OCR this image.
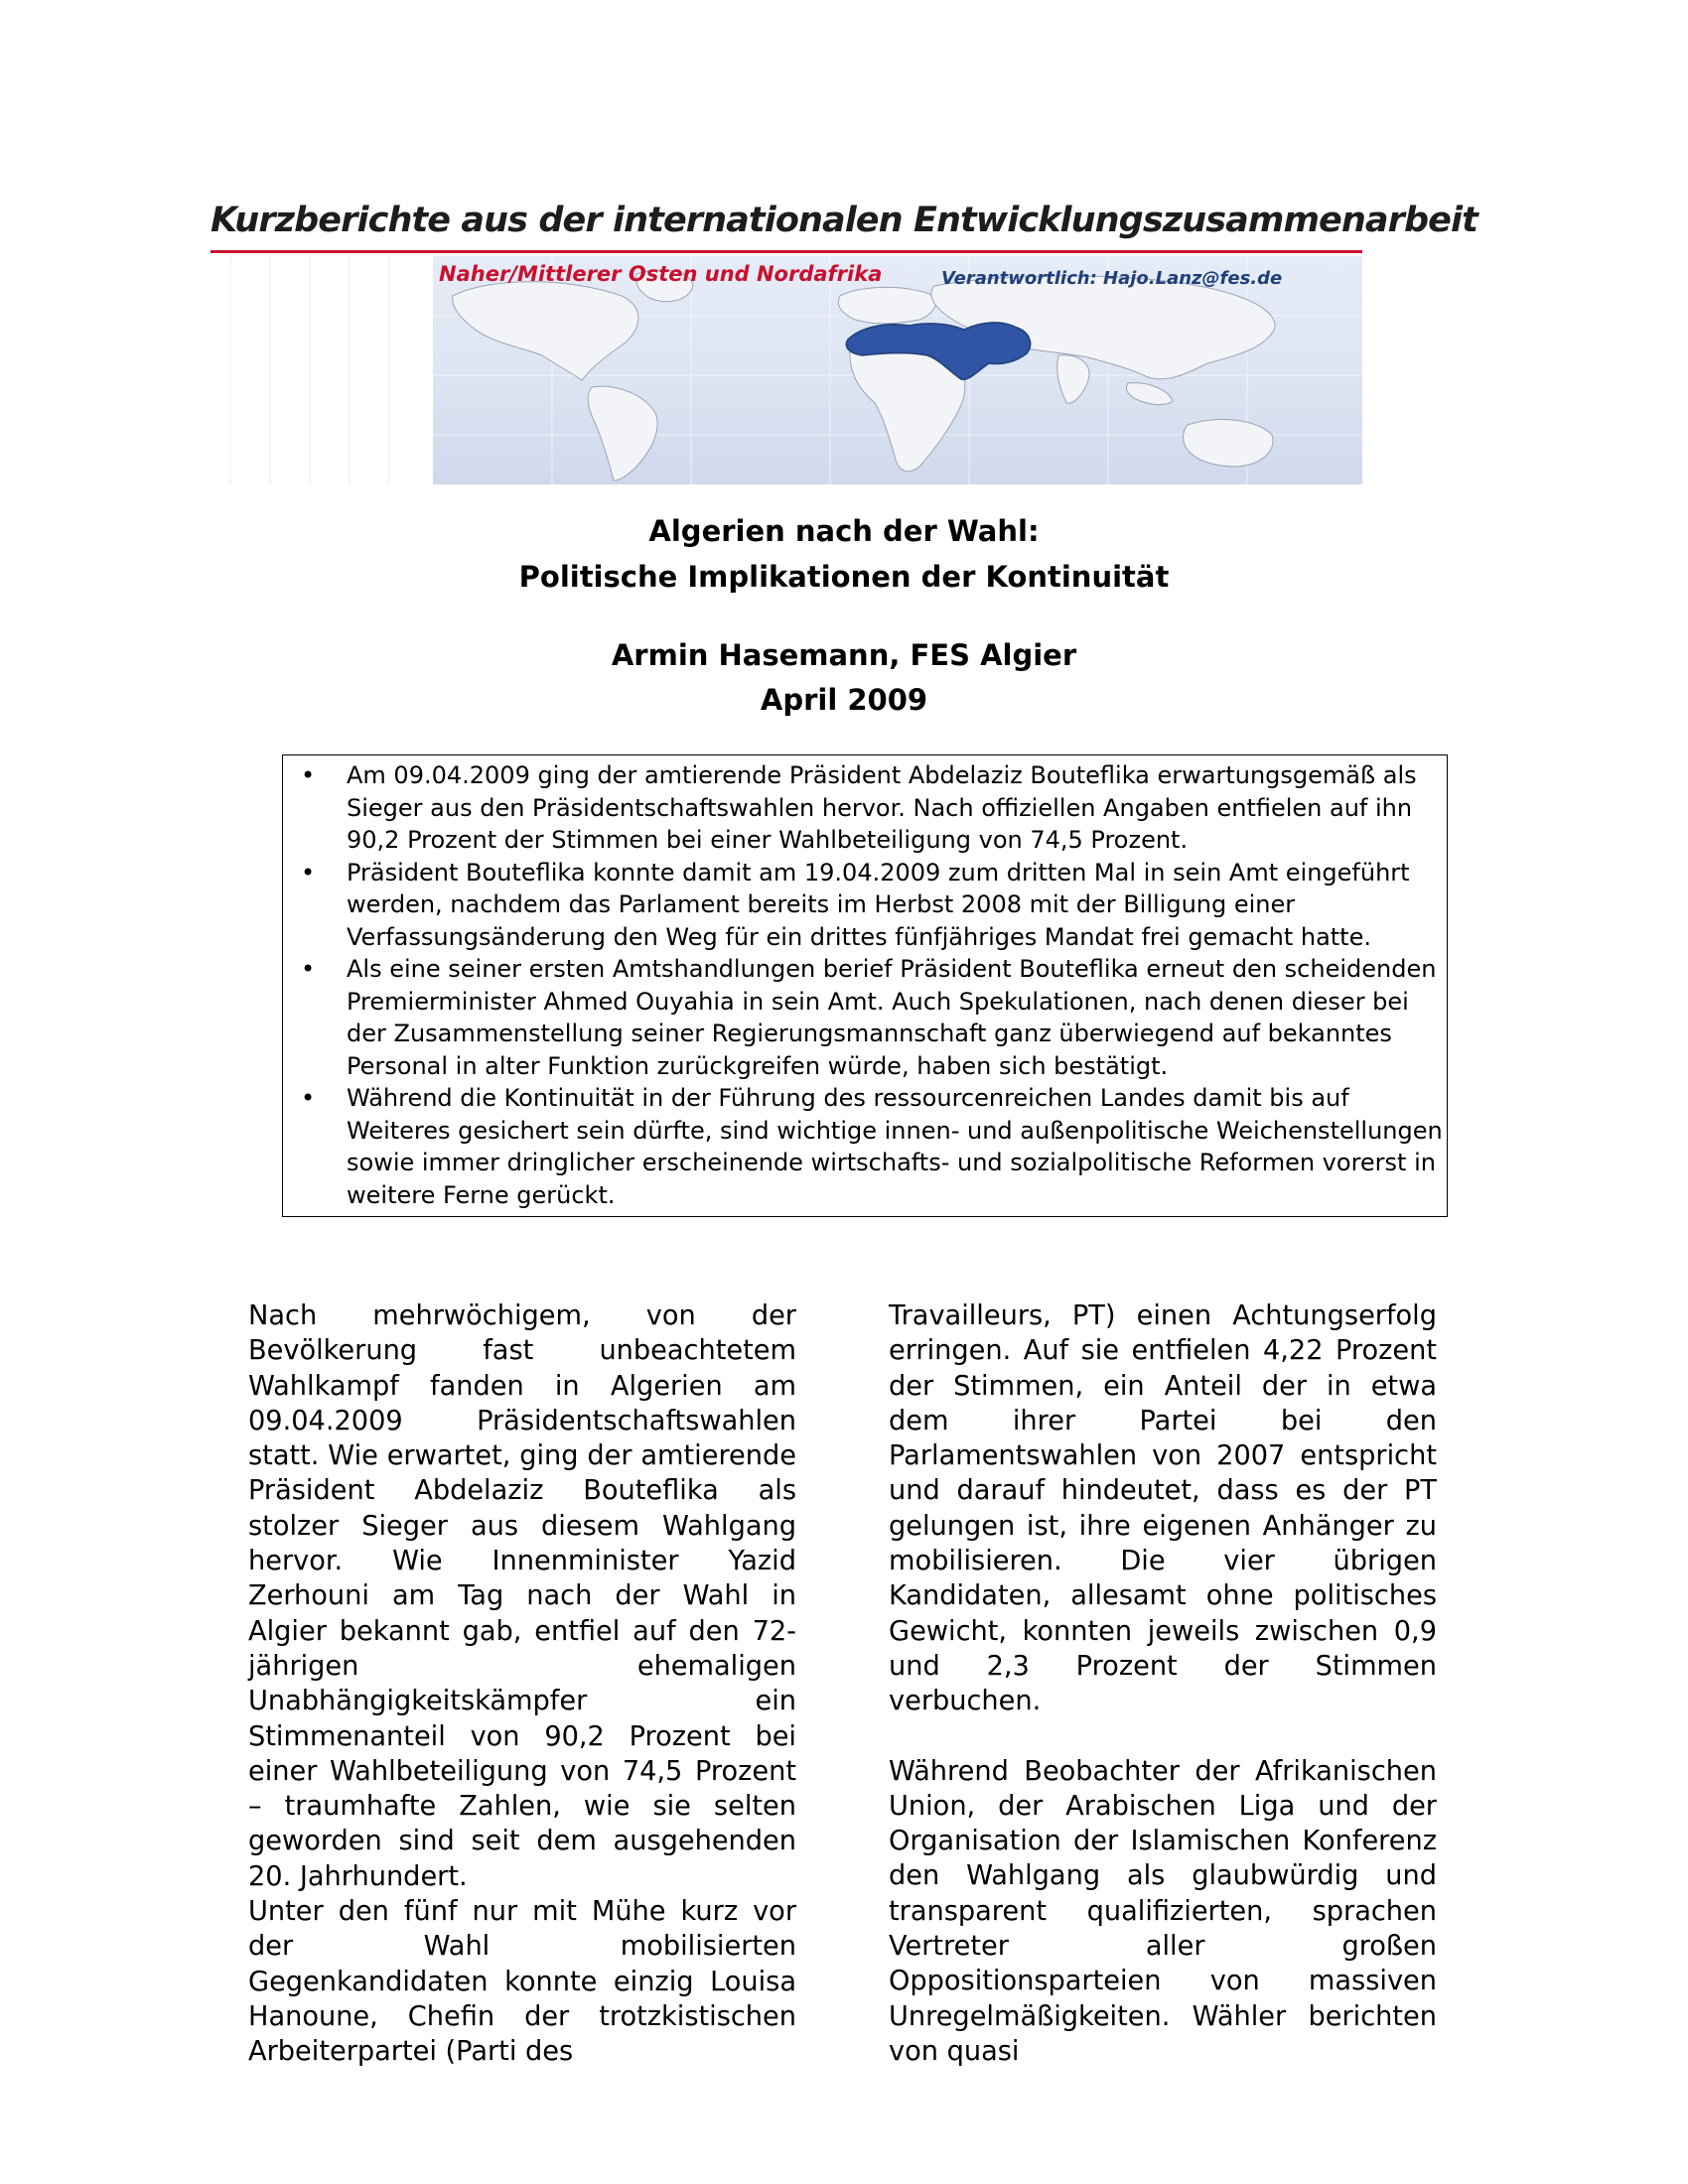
Kurzberichte aus der internationalen Entwicklungszusammenarbeit
Naher/Mittlerer Osten und Nordafrika	Verantwortlich: Hajo.Lanz@fes.de
Algerien nach der Wahl:
Politische Implikationen der Kontinuität
Armin Hasemann, FES Algier
April 2009
• Am 09.04.2009 ging der amtierende Präsident Abdelaziz Bouteflika erwartungsgemäß als Sieger aus den Präsidentschaftswahlen hervor. Nach offiziellen Angaben entfielen auf ihn 90,2 Prozent der Stimmen bei einer Wahlbeteiligung von 74,5 Prozent.
• Präsident Bouteflika konnte damit am 19.04.2009 zum dritten Mal in sein Amt eingeführt werden, nachdem das Parlament bereits im Herbst 2008 mit der Billigung einer Verfassungsänderung den Weg für ein drittes fünfjähriges Mandat frei gemacht hatte.
• Als eine seiner ersten Amtshandlungen berief Präsident Bouteflika erneut den scheidenden Premierminister Ahmed Ouyahia in sein Amt. Auch Spekulationen, nach denen dieser bei der Zusammenstellung seiner Regierungsmannschaft ganz überwiegend auf bekanntes Personal in alter Funktion zurückgreifen würde, haben sich bestätigt.
• Während die Kontinuität in der Führung des ressourcenreichen Landes damit bis auf Weiteres gesichert sein dürfte, sind wichtige innen- und außenpolitische Weichenstellungen sowie immer dringlicher erscheinende wirtschafts- und sozialpolitische Reformen vorerst in weitere Ferne gerückt.

Nach mehrwöchigem, von der Bevölkerung fast unbeachtetem Wahlkampf fanden in Algerien am 09.04.2009 Präsidentschaftswahlen statt. Wie erwartet, ging der amtierende Präsident Abdelaziz Bouteflika als stolzer Sieger aus diesem Wahlgang hervor. Wie Innenminister Yazid Zerhouni am Tag nach der Wahl in Algier bekannt gab, entfiel auf den 72-jährigen ehemaligen Unabhängigkeitskämpfer ein Stimmenanteil von 90,2 Prozent bei einer Wahlbeteiligung von 74,5 Prozent – traumhafte Zahlen, wie sie selten geworden sind seit dem ausgehenden 20. Jahrhundert.

Unter den fünf nur mit Mühe kurz vor der Wahl mobilisierten Gegenkandidaten konnte einzig Louisa Hanoune, Chefin der trotzkistischen Arbeiterpartei (Parti des

Travailleurs, PT) einen Achtungserfolg erringen. Auf sie entfielen 4,22 Prozent der Stimmen, ein Anteil der in etwa dem ihrer Partei bei den Parlamentswahlen von 2007 entspricht und darauf hindeutet, dass es der PT gelungen ist, ihre eigenen Anhänger zu mobilisieren. Die vier übrigen Kandidaten, allesamt ohne politisches Gewicht, konnten jeweils zwischen 0,9 und 2,3 Prozent der Stimmen verbuchen.

Während Beobachter der Afrikanischen Union, der Arabischen Liga und der Organisation der Islamischen Konferenz den Wahlgang als glaubwürdig und transparent qualifizierten, sprachen Vertreter aller großen Oppositionsparteien von massiven Unregelmäßigkeiten. Wähler berichten von quasi
